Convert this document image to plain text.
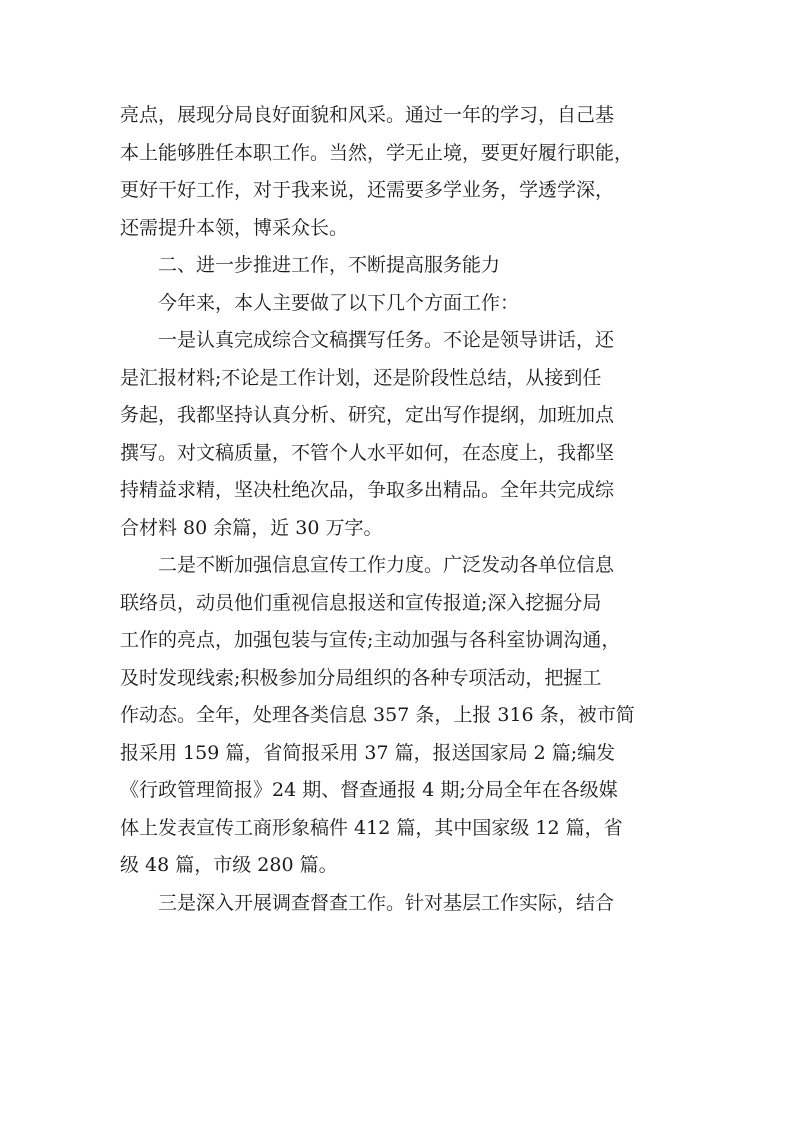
亮点，展现分局良好面貌和风采。通过一年的学习，自己基
本上能够胜任本职工作。当然，学无止境，要更好履行职能，
更好干好工作，对于我来说，还需要多学业务，学透学深，
还需提升本领，博采众长。
二、进一步推进工作，不断提高服务能力
今年来，本人主要做了以下几个方面工作：
一是认真完成综合文稿撰写任务。不论是领导讲话，还
是汇报材料;不论是工作计划，还是阶段性总结，从接到任
务起，我都坚持认真分析、研究，定出写作提纲，加班加点
撰写。对文稿质量，不管个人水平如何，在态度上，我都坚
持精益求精，坚决杜绝次品，争取多出精品。全年共完成综
合材料 80 余篇，近 30 万字。
二是不断加强信息宣传工作力度。广泛发动各单位信息
联络员，动员他们重视信息报送和宣传报道;深入挖掘分局
工作的亮点，加强包装与宣传;主动加强与各科室协调沟通，
及时发现线索;积极参加分局组织的各种专项活动，把握工
作动态。全年，处理各类信息 357 条，上报 316 条，被市简
报采用 159 篇，省简报采用 37 篇，报送国家局 2 篇;编发
《行政管理简报》24 期、督查通报 4 期;分局全年在各级媒
体上发表宣传工商形象稿件 412 篇，其中国家级 12 篇，省
级 48 篇，市级 280 篇。
三是深入开展调查督查工作。针对基层工作实际，结合
